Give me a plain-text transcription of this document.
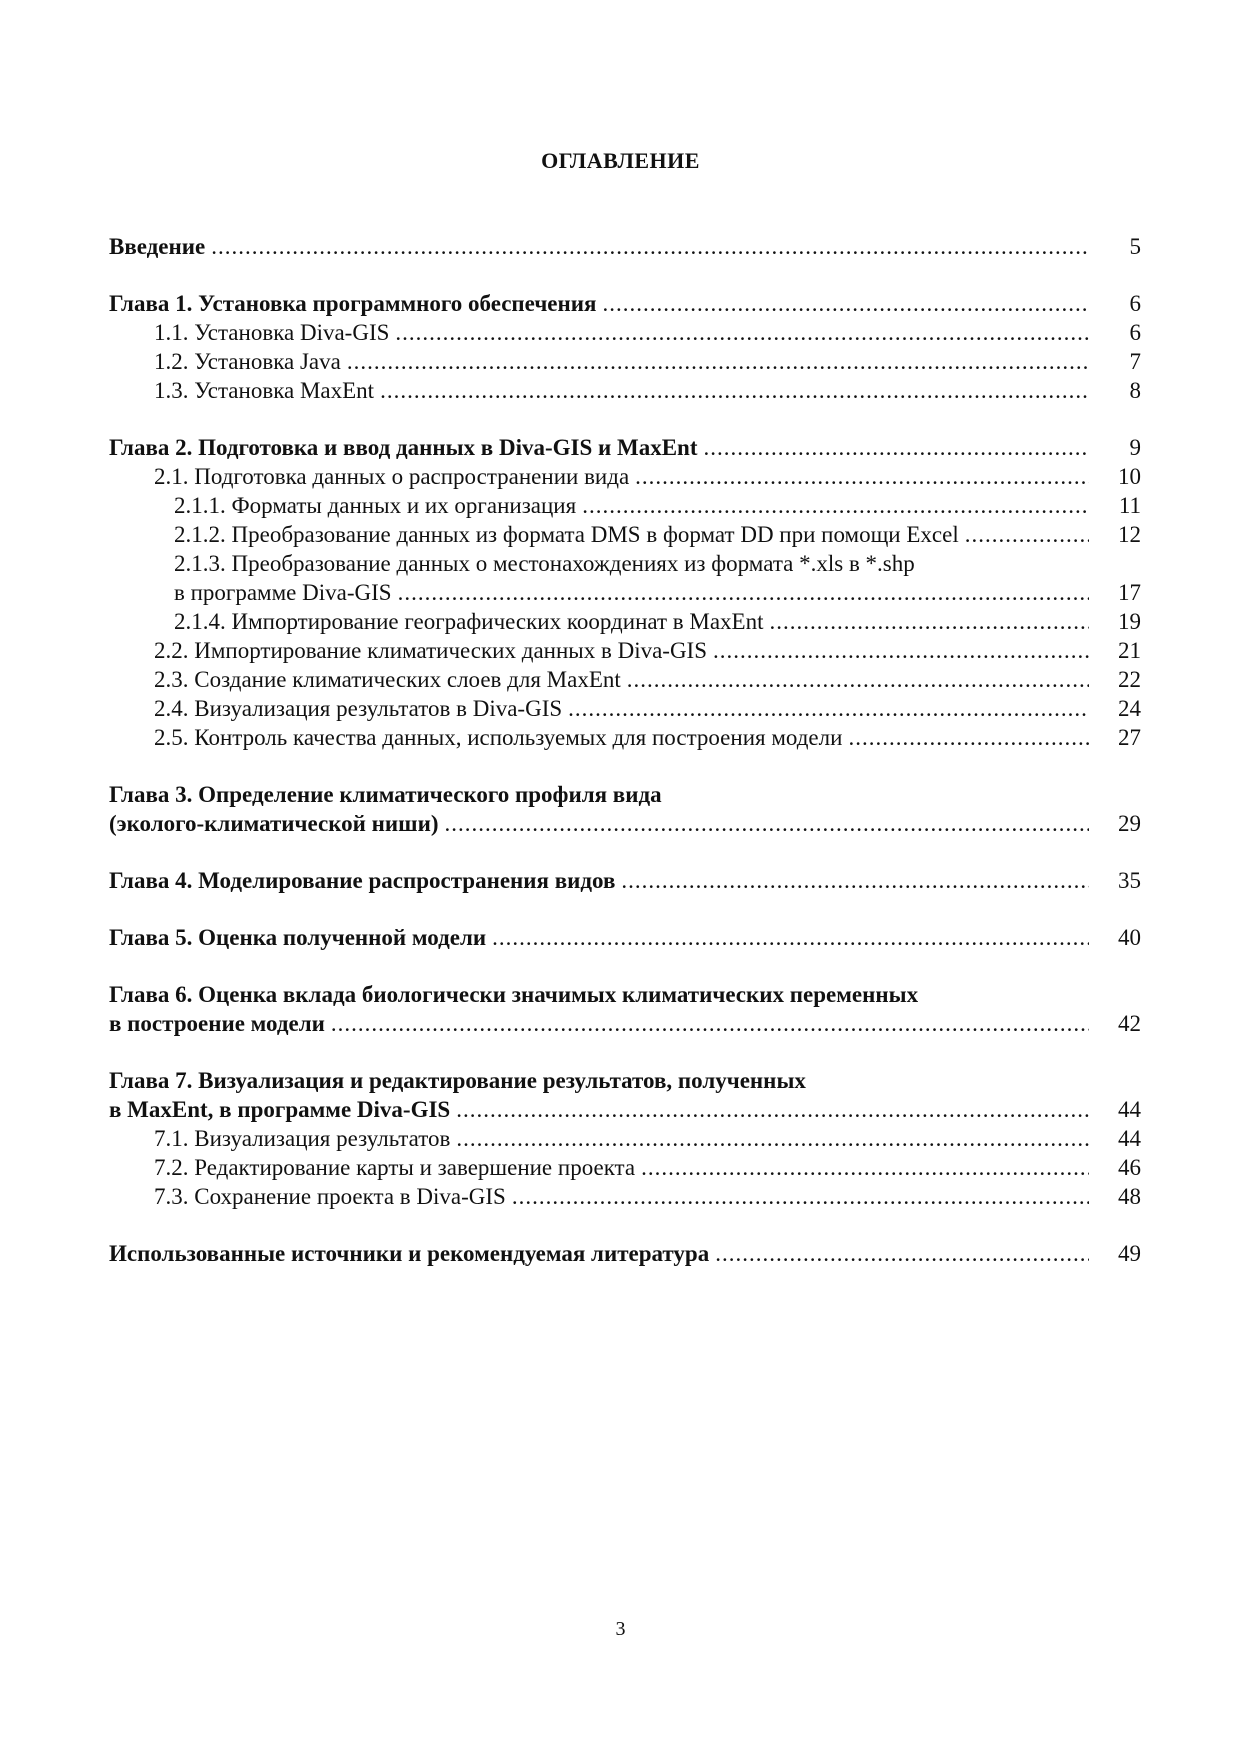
ОГЛАВЛЕНИЕ
Введение .....	5
Глава 1. Установка программного обеспечения .....	6
1.1. Установка Diva-GIS .....	6
1.2. Установка Java .....	7
1.3. Установка MaxEnt .....	8
Глава 2. Подготовка и ввод данных в Diva-GIS и MaxEnt .....	9
2.1. Подготовка данных о распространении вида .....	10
2.1.1. Форматы данных и их организация .....	11
2.1.2. Преобразование данных из формата DMS в формат DD при помощи Excel .....	12
2.1.3. Преобразование данных о местонахождениях из формата *.xls в *.shp
в программе Diva-GIS .....	17
2.1.4. Импортирование географических координат в MaxEnt .....	19
2.2. Импортирование климатических данных в Diva-GIS .....	21
2.3. Создание климатических слоев для MaxEnt .....	22
2.4. Визуализация результатов в Diva-GIS .....	24
2.5. Контроль качества данных, используемых для построения модели .....	27
Глава 3. Определение климатического профиля вида
(эколого-климатической ниши) .....	29
Глава 4. Моделирование распространения видов .....	35
Глава 5. Оценка полученной модели .....	40
Глава 6. Оценка вклада биологически значимых климатических переменных
в построение модели .....	42
Глава 7. Визуализация и редактирование результатов, полученных
в MaxEnt, в программе Diva-GIS .....	44
7.1. Визуализация результатов .....	44
7.2. Редактирование карты и завершение проекта .....	46
7.3. Сохранение проекта в Diva-GIS .....	48
Использованные источники и рекомендуемая литература .....	49
3
